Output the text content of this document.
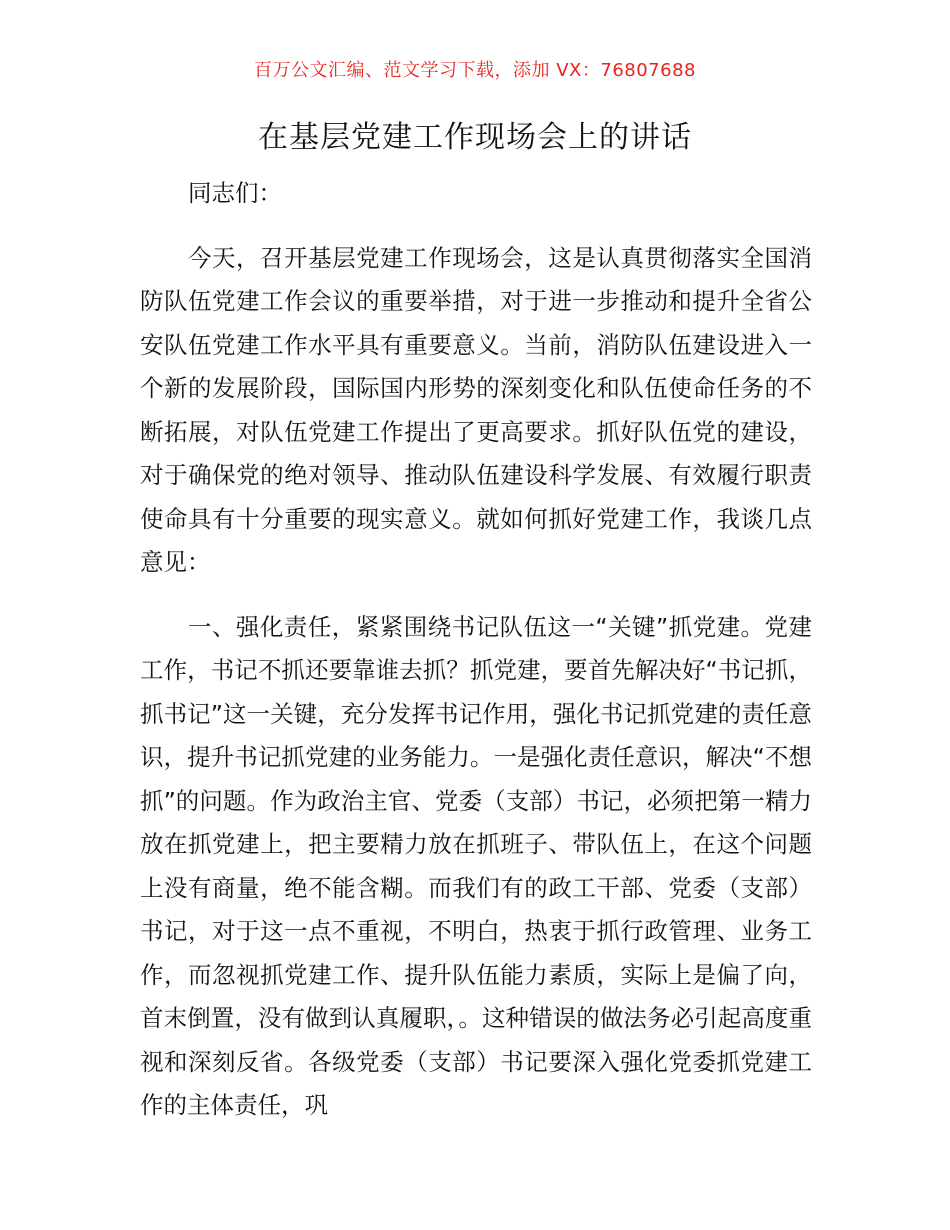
百万公文汇编、范文学习下载，添加 VX：76807688
在基层党建工作现场会上的讲话

同志们：

今天，召开基层党建工作现场会，这是认真贯彻落实全国消防队伍党建工作会议的重要举措，对于进一步推动和提升全省公安队伍党建工作水平具有重要意义。当前，消防队伍建设进入一个新的发展阶段，国际国内形势的深刻变化和队伍使命任务的不断拓展，对队伍党建工作提出了更高要求。抓好队伍党的建设，对于确保党的绝对领导、推动队伍建设科学发展、有效履行职责使命具有十分重要的现实意义。就如何抓好党建工作，我谈几点意见：

一、强化责任，紧紧围绕书记队伍这一“关键”抓党建。党建工作，书记不抓还要靠谁去抓？抓党建，要首先解决好“书记抓，抓书记”这一关键，充分发挥书记作用，强化书记抓党建的责任意识，提升书记抓党建的业务能力。一是强化责任意识，解决“不想抓”的问题。作为政治主官、党委（支部）书记，必须把第一精力放在抓党建上，把主要精力放在抓班子、带队伍上，在这个问题上没有商量，绝不能含糊。而我们有的政工干部、党委（支部）书记，对于这一点不重视，不明白，热衷于抓行政管理、业务工作，而忽视抓党建工作、提升队伍能力素质，实际上是偏了向，首末倒置，没有做到认真履职，。这种错误的做法务必引起高度重视和深刻反省。各级党委（支部）书记要深入强化党委抓党建工作的主体责任，巩
